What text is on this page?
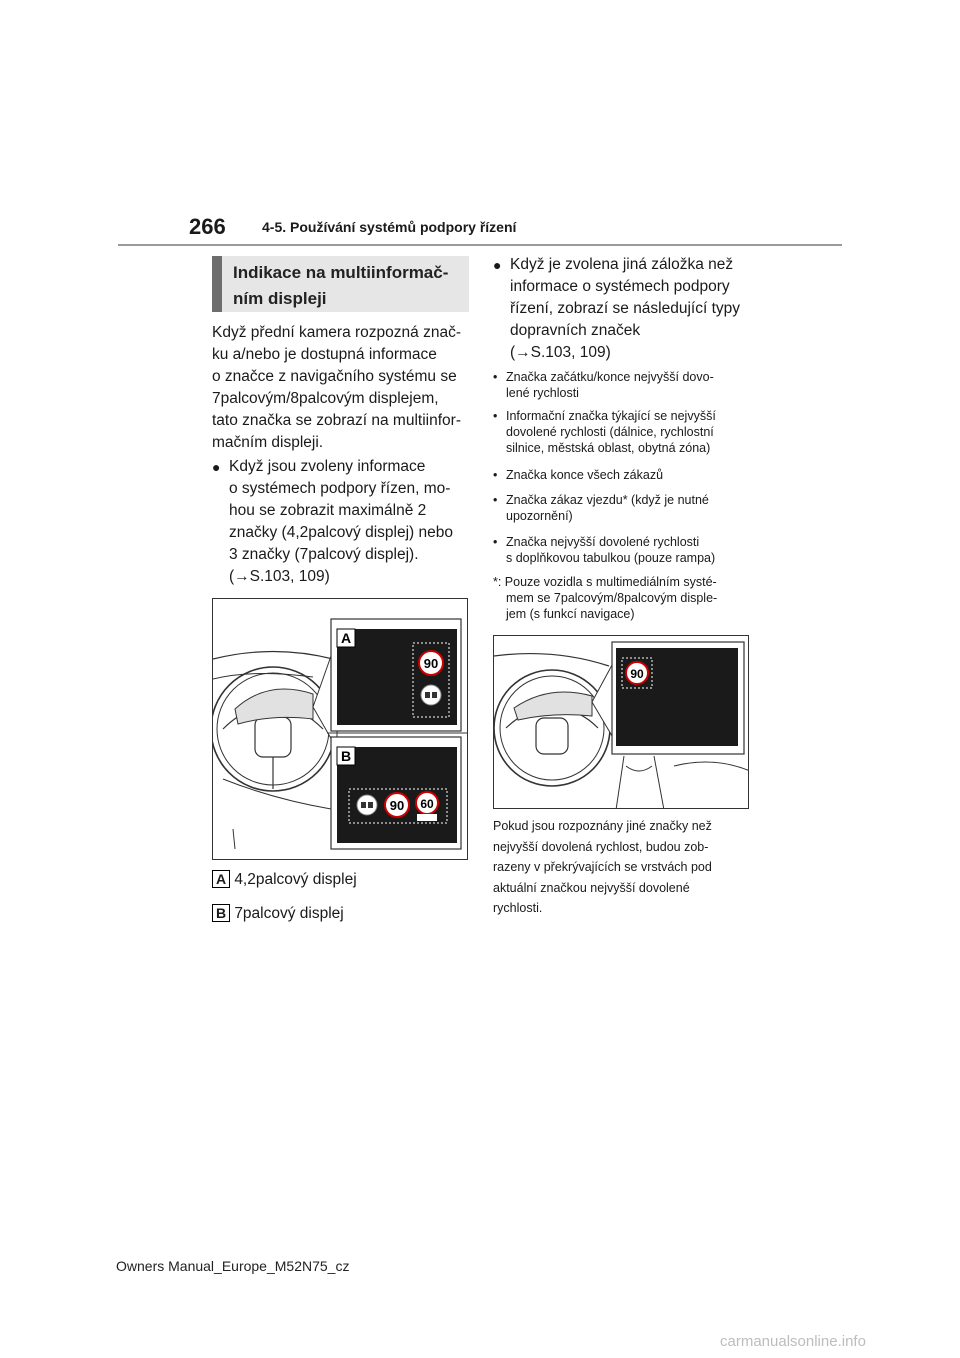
266	4-5. Používání systémů podpory řízení
Indikace na multiinformač-
ním displeji
Když přední kamera rozpozná znač-
ku a/nebo je dostupná informace
o značce z navigačního systému se
7palcovým/8palcovým displejem,
tato značka se zobrazí na multiinfor-
mačním displeji.
● Když jsou zvoleny informace
o systémech podpory řízen, mo-
hou se zobrazit maximálně 2
značky (4,2palcový displej) nebo
3 značky (7palcový displej).
(→S.103, 109)
90
90 60
A
B
A 4,2palcový displej
B 7palcový displej
● Když je zvolena jiná záložka než
informace o systémech podpory
řízení, zobrazí se následující typy
dopravních značek
(→S.103, 109)
• Značka začátku/konce nejvyšší dovo-
lené rychlosti
• Informační značka týkající se nejvyšší
dovolené rychlosti (dálnice, rychlostní
silnice, městská oblast, obytná zóna)
• Značka konce všech zákazů
• Značka zákaz vjezdu* (když je nutné
upozornění)
• Značka nejvyšší dovolené rychlosti
s doplňkovou tabulkou (pouze rampa)
*: Pouze vozidla s multimediálním systé-
mem se 7palcovým/8palcovým disple-
jem (s funkcí navigace)
90
Pokud jsou rozpoznány jiné značky než
nejvyšší dovolená rychlost, budou zob-
razeny v překrývajících se vrstvách pod
aktuální značkou nejvyšší dovolené
rychlosti.
Owners Manual_Europe_M52N75_cz
carmanualsonline.info
